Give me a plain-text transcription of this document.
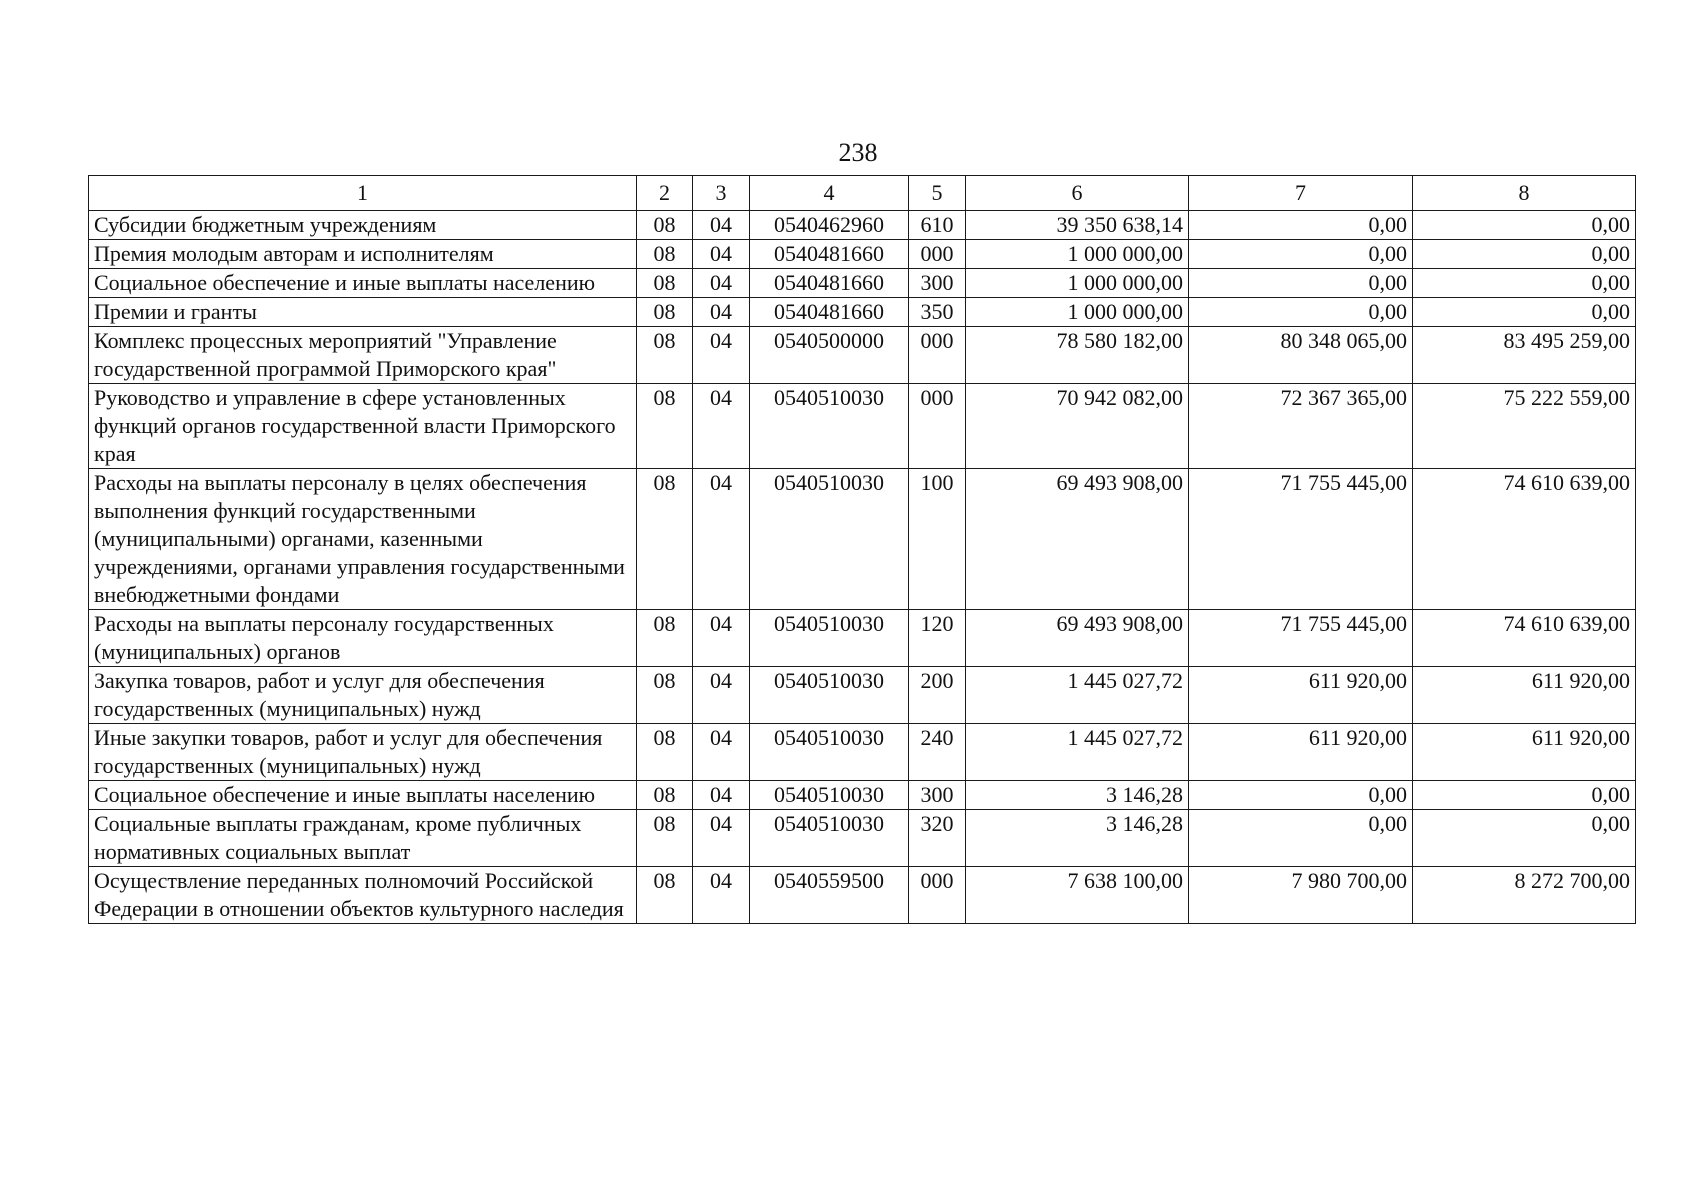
238
1	2	3	4	5	6	7	8
Субсидии бюджетным учреждениям	08	04	0540462960	610	39 350 638,14	0,00	0,00
Премия молодым авторам и исполнителям	08	04	0540481660	000	1 000 000,00	0,00	0,00
Социальное обеспечение и иные выплаты населению	08	04	0540481660	300	1 000 000,00	0,00	0,00
Премии и гранты	08	04	0540481660	350	1 000 000,00	0,00	0,00
Комплекс процессных мероприятий "Управление государственной программой Приморского края"	08	04	0540500000	000	78 580 182,00	80 348 065,00	83 495 259,00
Руководство и управление в сфере установленных функций органов государственной власти Приморского края	08	04	0540510030	000	70 942 082,00	72 367 365,00	75 222 559,00
Расходы на выплаты персоналу в целях обеспечения выполнения функций государственными (муниципальными) органами, казенными учреждениями, органами управления государственными внебюджетными фондами	08	04	0540510030	100	69 493 908,00	71 755 445,00	74 610 639,00
Расходы на выплаты персоналу государственных (муниципальных) органов	08	04	0540510030	120	69 493 908,00	71 755 445,00	74 610 639,00
Закупка товаров, работ и услуг для обеспечения государственных (муниципальных) нужд	08	04	0540510030	200	1 445 027,72	611 920,00	611 920,00
Иные закупки товаров, работ и услуг для обеспечения государственных (муниципальных) нужд	08	04	0540510030	240	1 445 027,72	611 920,00	611 920,00
Социальное обеспечение и иные выплаты населению	08	04	0540510030	300	3 146,28	0,00	0,00
Социальные выплаты гражданам, кроме публичных нормативных социальных выплат	08	04	0540510030	320	3 146,28	0,00	0,00
Осуществление переданных полномочий Российской Федерации в отношении объектов культурного наследия	08	04	0540559500	000	7 638 100,00	7 980 700,00	8 272 700,00
